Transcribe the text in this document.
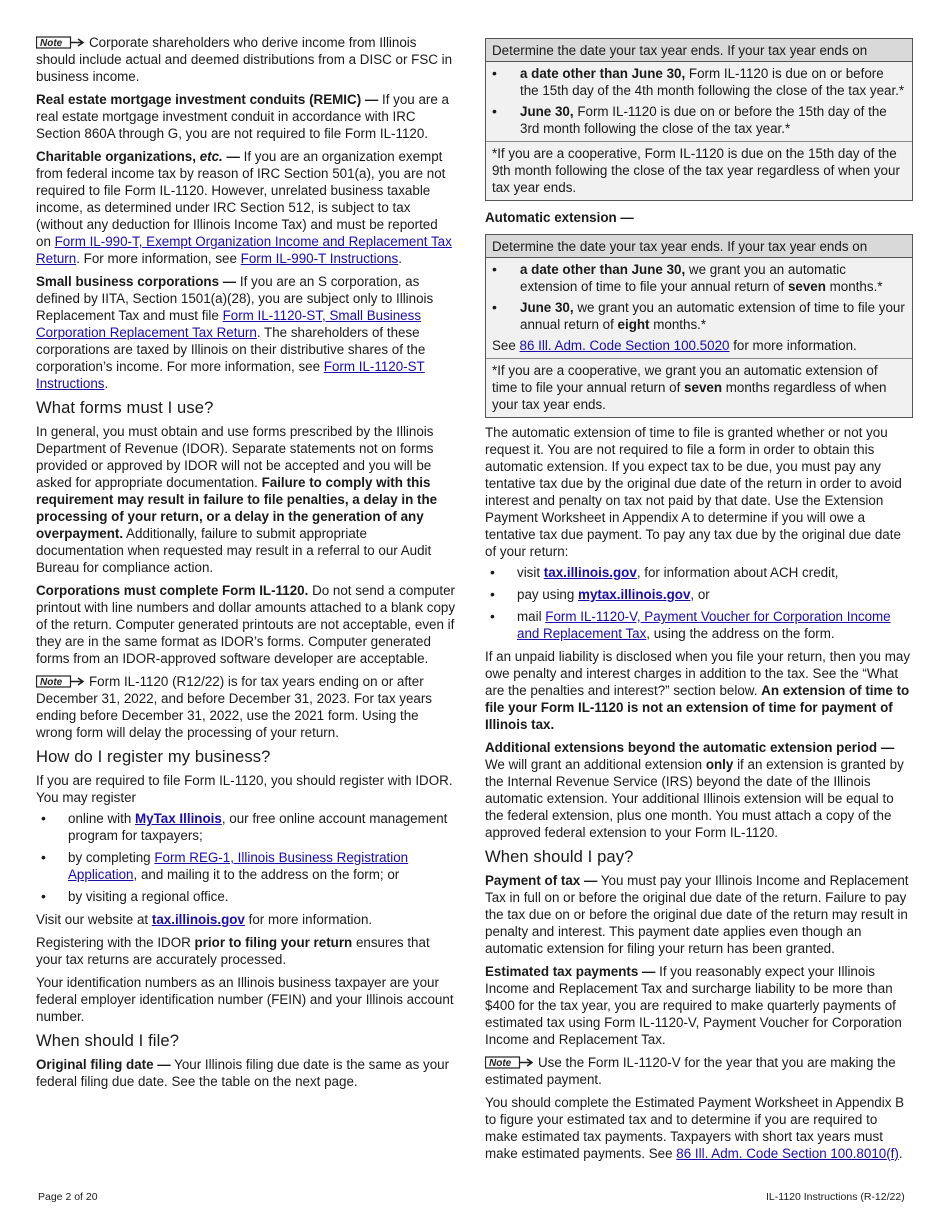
Note Corporate shareholders who derive income from Illinois should include actual and deemed distributions from a DISC or FSC in business income.

Real estate mortgage investment conduits (REMIC) — If you are a real estate mortgage investment conduit in accordance with IRC Section 860A through G, you are not required to file Form IL-1120.

Charitable organizations, etc. — If you are an organization exempt from federal income tax by reason of IRC Section 501(a), you are not required to file Form IL-1120. However, unrelated business taxable income, as determined under IRC Section 512, is subject to tax (without any deduction for Illinois Income Tax) and must be reported on Form IL-990-T, Exempt Organization Income and Replacement Tax Return. For more information, see Form IL-990-T Instructions.

Small business corporations — If you are an S corporation, as defined by IITA, Section 1501(a)(28), you are subject only to Illinois Replacement Tax and must file Form IL-1120-ST, Small Business Corporation Replacement Tax Return. The shareholders of these corporations are taxed by Illinois on their distributive shares of the corporation’s income. For more information, see Form IL-1120-ST Instructions.

What forms must I use?

In general, you must obtain and use forms prescribed by the Illinois Department of Revenue (IDOR). Separate statements not on forms provided or approved by IDOR will not be accepted and you will be asked for appropriate documentation. Failure to comply with this requirement may result in failure to file penalties, a delay in the processing of your return, or a delay in the generation of any overpayment. Additionally, failure to submit appropriate documentation when requested may result in a referral to our Audit Bureau for compliance action.

Corporations must complete Form IL-1120. Do not send a computer printout with line numbers and dollar amounts attached to a blank copy of the return. Computer generated printouts are not acceptable, even if they are in the same format as IDOR’s forms. Computer generated forms from an IDOR-approved software developer are acceptable.

Note Form IL-1120 (R12/22) is for tax years ending on or after December 31, 2022, and before December 31, 2023. For tax years ending before December 31, 2022, use the 2021 form. Using the wrong form will delay the processing of your return.

How do I register my business?

If you are required to file Form IL-1120, you should register with IDOR. You may register

• online with MyTax Illinois, our free online account management program for taxpayers;
• by completing Form REG-1, Illinois Business Registration Application, and mailing it to the address on the form; or
• by visiting a regional office.

Visit our website at tax.illinois.gov for more information.

Registering with the IDOR prior to filing your return ensures that your tax returns are accurately processed.

Your identification numbers as an Illinois business taxpayer are your federal employer identification number (FEIN) and your Illinois account number.

When should I file?

Original filing date — Your Illinois filing due date is the same as your federal filing due date. See the table on the next page.

Determine the date your tax year ends. If your tax year ends on
• a date other than June 30, Form IL-1120 is due on or before the 15th day of the 4th month following the close of the tax year.*
• June 30, Form IL-1120 is due on or before the 15th day of the 3rd month following the close of the tax year.*
*If you are a cooperative, Form IL-1120 is due on the 15th day of the 9th month following the close of the tax year regardless of when your tax year ends.

Automatic extension —

Determine the date your tax year ends. If your tax year ends on
• a date other than June 30, we grant you an automatic extension of time to file your annual return of seven months.*
• June 30, we grant you an automatic extension of time to file your annual return of eight months.*

See 86 Ill. Adm. Code Section 100.5020 for more information.

*If you are a cooperative, we grant you an automatic extension of time to file your annual return of seven months regardless of when your tax year ends.

The automatic extension of time to file is granted whether or not you request it. You are not required to file a form in order to obtain this automatic extension. If you expect tax to be due, you must pay any tentative tax due by the original due date of the return in order to avoid interest and penalty on tax not paid by that date. Use the Extension Payment Worksheet in Appendix A to determine if you will owe a tentative tax due payment. To pay any tax due by the original due date of your return:

• visit tax.illinois.gov, for information about ACH credit,
• pay using mytax.illinois.gov, or
• mail Form IL-1120-V, Payment Voucher for Corporation Income and Replacement Tax, using the address on the form.

If an unpaid liability is disclosed when you file your return, then you may owe penalty and interest charges in addition to the tax. See the “What are the penalties and interest?” section below. An extension of time to file your Form IL-1120 is not an extension of time for payment of Illinois tax.

Additional extensions beyond the automatic extension period — We will grant an additional extension only if an extension is granted by the Internal Revenue Service (IRS) beyond the date of the Illinois automatic extension. Your additional Illinois extension will be equal to the federal extension, plus one month. You must attach a copy of the approved federal extension to your Form IL-1120.

When should I pay?

Payment of tax — You must pay your Illinois Income and Replacement Tax in full on or before the original due date of the return. Failure to pay the tax due on or before the original due date of the return may result in penalty and interest. This payment date applies even though an automatic extension for filing your return has been granted.

Estimated tax payments — If you reasonably expect your Illinois Income and Replacement Tax and surcharge liability to be more than $400 for the tax year, you are required to make quarterly payments of estimated tax using Form IL-1120-V, Payment Voucher for Corporation Income and Replacement Tax.

Note Use the Form IL-1120-V for the year that you are making the estimated payment.

You should complete the Estimated Payment Worksheet in Appendix B to figure your estimated tax and to determine if you are required to make estimated tax payments. Taxpayers with short tax years must make estimated payments. See 86 Ill. Adm. Code Section 100.8010(f).

Page 2 of 20	IL-1120 Instructions (R-12/22)
